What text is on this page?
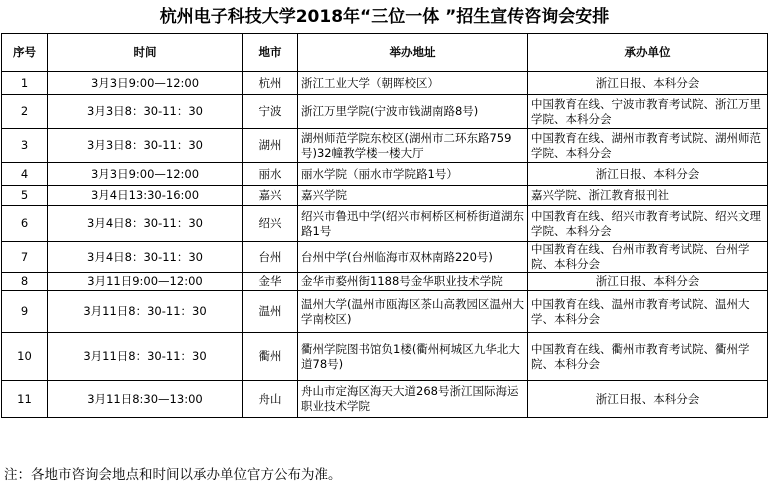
杭州电子科技大学2018年“三位一体 ”招生宣传咨询会安排
序号	时间	地市	举办地址	承办单位
1	3月3日9:00—12:00	杭州	浙江工业大学（朝晖校区）	浙江日报、本科分会
2	3月3日8：30-11：30	宁波	浙江万里学院(宁波市钱湖南路8号)	中国教育在线、宁波市教育考试院、浙江万里学院、本科分会
3	3月3日8：30-11：30	湖州	湖州师范学院东校区(湖州市二环东路759号)32幢教学楼一楼大厅	中国教育在线、湖州市教育考试院、湖州师范学院、本科分会
4	3月3日9:00—12:00	丽水	丽水学院（丽水市学院路1号）	浙江日报、本科分会
5	3月4日13:30-16:00	嘉兴	嘉兴学院	嘉兴学院、浙江教育报刊社
6	3月4日8：30-11：30	绍兴	绍兴市鲁迅中学(绍兴市柯桥区柯桥街道湖东路1号	中国教育在线、绍兴市教育考试院、绍兴文理学院、本科分会
7	3月4日8：30-11：30	台州	台州中学(台州临海市双林南路220号)	中国教育在线、台州市教育考试院、台州学院、本科分会
8	3月11日9:00—12:00	金华	金华市婺州街1188号金华职业技术学院	浙江日报、本科分会
9	3月11日8：30-11：30	温州	温州大学(温州市瓯海区茶山高教园区温州大学南校区)	中国教育在线、温州市教育考试院、温州大学、本科分会
10	3月11日8：30-11：30	衢州	衢州学院图书馆负1楼(衢州柯城区九华北大道78号)	中国教育在线、衢州市教育考试院、衢州学院、本科分会
11	3月11日8:30—13:00	舟山	舟山市定海区海天大道268号浙江国际海运职业技术学院	浙江日报、本科分会
注：各地市咨询会地点和时间以承办单位官方公布为准。
